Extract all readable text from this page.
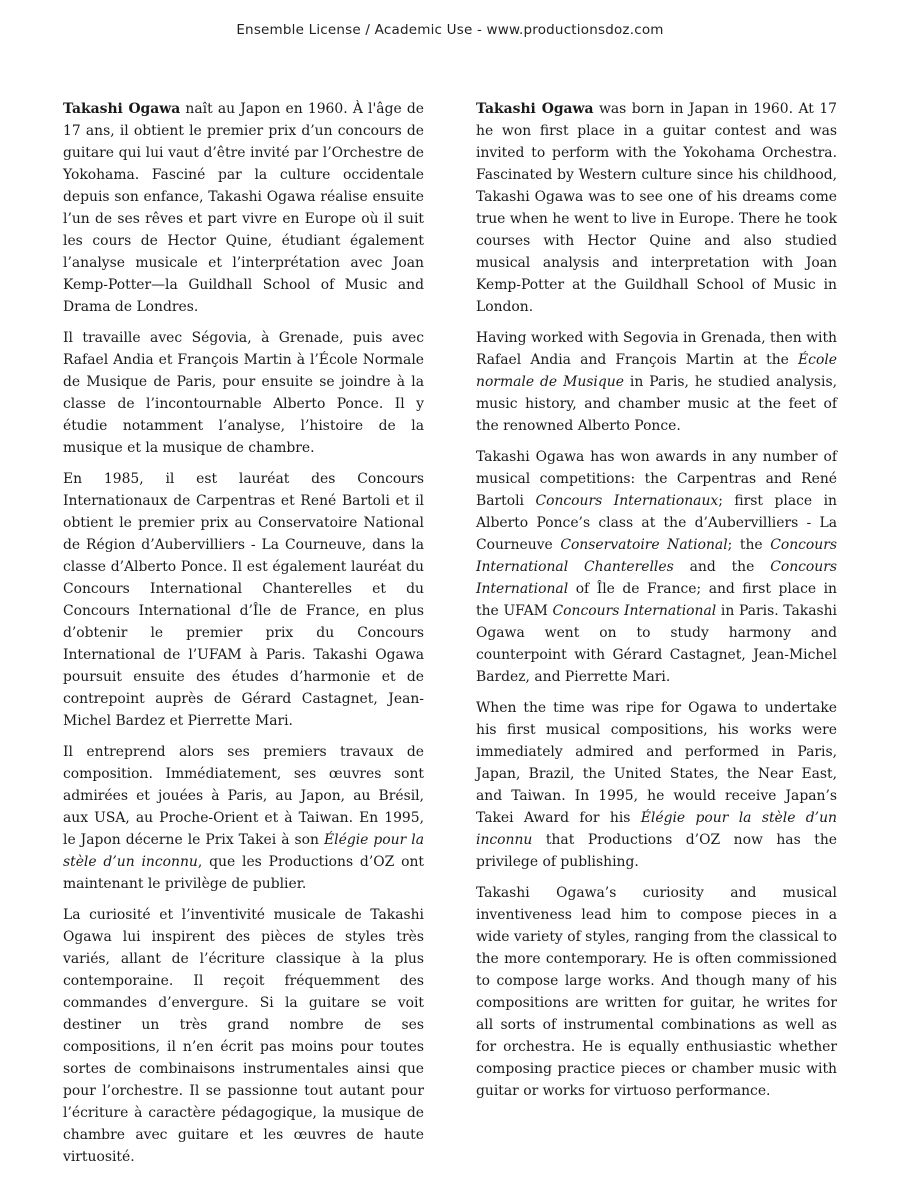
Ensemble License / Academic Use - www.productionsdoz.com

Takashi Ogawa naît au Japon en 1960. À l'âge de 17 ans, il obtient le premier prix d’un concours de guitare qui lui vaut d’être invité par l’Orchestre de Yokohama. Fasciné par la culture occidentale depuis son enfance, Takashi Ogawa réalise ensuite l’un de ses rêves et part vivre en Europe où il suit les cours de Hector Quine, étudiant également l’analyse musicale et l’interprétation avec Joan Kemp-Potter—la Guildhall School of Music and Drama de Londres.

Il travaille avec Ségovia, à Grenade, puis avec Rafael Andia et François Martin à l’École Normale de Musique de Paris, pour ensuite se joindre à la classe de l’incontournable Alberto Ponce. Il y étudie notamment l’analyse, l’histoire de la musique et la musique de chambre.

En 1985, il est lauréat des Concours Internationaux de Carpentras et René Bartoli et il obtient le premier prix au Conservatoire National de Région d’Aubervilliers - La Courneuve, dans la classe d’Alberto Ponce. Il est également lauréat du Concours International Chanterelles et du Concours International d’Île de France, en plus d’obtenir le premier prix du Concours International de l’UFAM à Paris. Takashi Ogawa poursuit ensuite des études d’harmonie et de contrepoint auprès de Gérard Castagnet, Jean-Michel Bardez et Pierrette Mari.

Il entreprend alors ses premiers travaux de composition. Immédiatement, ses œuvres sont admirées et jouées à Paris, au Japon, au Brésil, aux USA, au Proche-Orient et à Taiwan. En 1995, le Japon décerne le Prix Takei à son Élégie pour la stèle d’un inconnu, que les Productions d’OZ ont maintenant le privilège de publier.

La curiosité et l’inventivité musicale de Takashi Ogawa lui inspirent des pièces de styles très variés, allant de l’écriture classique à la plus contemporaine. Il reçoit fréquemment des commandes d’envergure. Si la guitare se voit destiner un très grand nombre de ses compositions, il n’en écrit pas moins pour toutes sortes de combinaisons instrumentales ainsi que pour l’orchestre. Il se passionne tout autant pour l’écriture à caractère pédagogique, la musique de chambre avec guitare et les œuvres de haute virtuosité.

Takashi Ogawa was born in Japan in 1960. At 17 he won first place in a guitar contest and was invited to perform with the Yokohama Orchestra. Fascinated by Western culture since his childhood, Takashi Ogawa was to see one of his dreams come true when he went to live in Europe. There he took courses with Hector Quine and also studied musical analysis and interpretation with Joan Kemp-Potter at the Guildhall School of Music in London.

Having worked with Segovia in Grenada, then with Rafael Andia and François Martin at the École normale de Musique in Paris, he studied analysis, music history, and chamber music at the feet of the renowned Alberto Ponce.

Takashi Ogawa has won awards in any number of musical competitions: the Carpentras and René Bartoli Concours Internationaux; first place in Alberto Ponce’s class at the d’Aubervilliers - La Courneuve Conservatoire National; the Concours International Chanterelles and the Concours International of Île de France; and first place in the UFAM Concours International in Paris. Takashi Ogawa went on to study harmony and counterpoint with Gérard Castagnet, Jean-Michel Bardez, and Pierrette Mari.

When the time was ripe for Ogawa to undertake his first musical compositions, his works were immediately admired and performed in Paris, Japan, Brazil, the United States, the Near East, and Taiwan. In 1995, he would receive Japan’s Takei Award for his Élégie pour la stèle d’un inconnu that Productions d’OZ now has the privilege of publishing.

Takashi Ogawa’s curiosity and musical inventiveness lead him to compose pieces in a wide variety of styles, ranging from the classical to the more contemporary. He is often commissioned to compose large works. And though many of his compositions are written for guitar, he writes for all sorts of instrumental combinations as well as for orchestra. He is equally enthusiastic whether composing practice pieces or chamber music with guitar or works for virtuoso performance.
